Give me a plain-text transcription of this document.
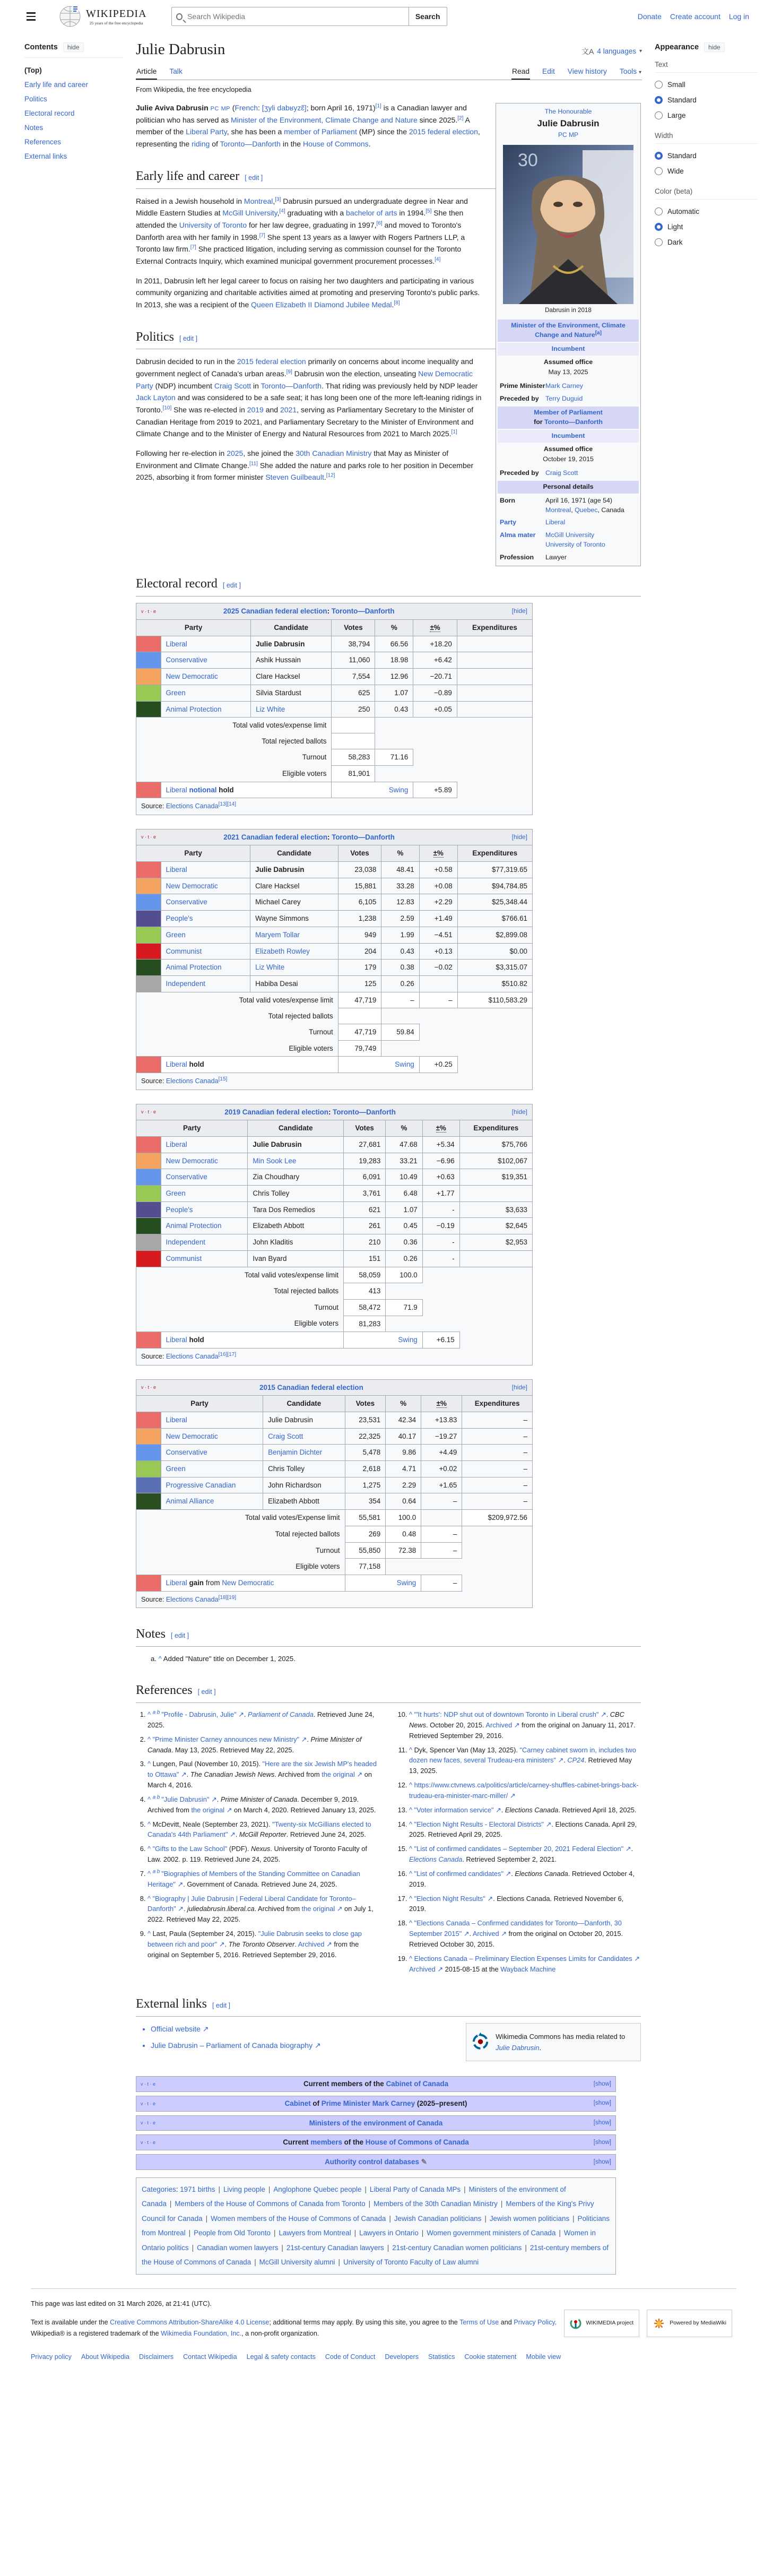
WIKIPEDIA
25 years of the free encyclopedia
Search Wikipedia
Search	Donate Create account Log in
Contents	hide
(Top)
Early life and career
Politics
Electoral record
Notes
References
External links
Julie Dabrusin	文A 4 languages ▾
Article Talk	Read Edit View history Tools ▾
From Wikipedia, the free encyclopedia
The Honourable
Julie Dabrusin
PC MP
30
Dabrusin in 2018
Minister of the Environment, Climate Change and Nature[a]
Incumbent
Assumed office
May 13, 2025
Prime Minister Mark Carney
Preceded by Terry Duguid
Member of Parliament
for Toronto—Danforth
Incumbent
Assumed office
October 19, 2015
Preceded by Craig Scott
Personal details
Born	April 16, 1971 (age 54)
Montreal, Quebec, Canada
Party	Liberal
Alma mater	McGill University
University of Toronto
Profession	Lawyer

Julie Aviva Dabrusin PC MP (French: [ʒyli dabʁyzɛ̃]; born April 16, 1971)[1] is a Canadian lawyer and politician who has served as Minister of the Environment, Climate Change and Nature since 2025.[2] A member of the Liberal Party, she has been a member of Parliament (MP) since the 2015 federal election, representing the riding of Toronto—Danforth in the House of Commons.

Early life and career [ edit ]

Raised in a Jewish household in Montreal,[3] Dabrusin pursued an undergraduate degree in Near and Middle Eastern Studies at McGill University,[4] graduating with a bachelor of arts in 1994.[5] She then attended the University of Toronto for her law degree, graduating in 1997,[6] and moved to Toronto's Danforth area with her family in 1998.[7] She spent 13 years as a lawyer with Rogers Partners LLP, a Toronto law firm.[7] She practiced litigation, including serving as commission counsel for the Toronto External Contracts Inquiry, which examined municipal government procurement processes.[4]

In 2011, Dabrusin left her legal career to focus on raising her two daughters and participating in various community organizing and charitable activities aimed at promoting and preserving Toronto's public parks. In 2013, she was a recipient of the Queen Elizabeth II Diamond Jubilee Medal.[8]

Politics [ edit ]

Dabrusin decided to run in the 2015 federal election primarily on concerns about income inequality and government neglect of Canada's urban areas.[9] Dabrusin won the election, unseating New Democratic Party (NDP) incumbent Craig Scott in Toronto—Danforth. That riding was previously held by NDP leader Jack Layton and was considered to be a safe seat; it has long been one of the more left-leaning ridings in Toronto.[10] She was re-elected in 2019 and 2021, serving as Parliamentary Secretary to the Minister of Canadian Heritage from 2019 to 2021, and Parliamentary Secretary to the Minister of Environment and Climate Change and to the Minister of Energy and Natural Resources from 2021 to March 2025.[1]

Following her re-election in 2025, she joined the 30th Canadian Ministry that May as Minister of Environment and Climate Change.[11] She added the nature and parks role to her position in December 2025, absorbing it from former minister Steven Guilbeault.[12]

Electoral record [ edit ]
v · t · e	2025 Canadian federal election: Toronto—Danforth					[hide]
Party		Candidate	Votes	%	±%	Expenditures
	Liberal	Julie Dabrusin	38,794	66.56	+18.20	
	Conservative	Ashik Hussain	11,060	18.98	+6.42	
	New Democratic	Clare Hacksel	7,554	12.96	−20.71	
	Green	Silvia Stardust	625	1.07	−0.89	
	Animal Protection	Liz White	250	0.43	+0.05	
Total valid votes/expense limit						
Total rejected ballots						
Turnout			58,283	71.16		
Eligible voters			81,901			
	Liberal notional hold		Swing		+5.89	
Source: Elections Canada[13][14]
v · t · e	2021 Canadian federal election: Toronto—Danforth					[hide]
Party		Candidate	Votes	%	±%	Expenditures
	Liberal	Julie Dabrusin	23,038	48.41	+0.58	$77,319.65
	New Democratic	Clare Hacksel	15,881	33.28	+0.08	$94,784.85
	Conservative	Michael Carey	6,105	12.83	+2.29	$25,348.44
	People's	Wayne Simmons	1,238	2.59	+1.49	$766.61
	Green	Maryem Tollar	949	1.99	−4.51	$2,899.08
	Communist	Elizabeth Rowley	204	0.43	+0.13	$0.00
	Animal Protection	Liz White	179	0.38	−0.02	$3,315.07
	Independent	Habiba Desai	125	0.26		$510.82
Total valid votes/expense limit			47,719	–	–	$110,583.29
Total rejected ballots						
Turnout			47,719	59.84		
Eligible voters			79,749			
	Liberal hold		Swing		+0.25	
Source: Elections Canada[15]
v · t · e	2019 Canadian federal election: Toronto—Danforth					[hide]
Party		Candidate	Votes	%	±%	Expenditures
	Liberal	Julie Dabrusin	27,681	47.68	+5.34	$75,766
	New Democratic	Min Sook Lee	19,283	33.21	−6.96	$102,067
	Conservative	Zia Choudhary	6,091	10.49	+0.63	$19,351
	Green	Chris Tolley	3,761	6.48	+1.77	
	People's	Tara Dos Remedios	621	1.07	-	$3,633
	Animal Protection	Elizabeth Abbott	261	0.45	−0.19	$2,645
	Independent	John Kladitis	210	0.36	-	$2,953
	Communist	Ivan Byard	151	0.26	-	
Total valid votes/expense limit			58,059	100.0		
Total rejected ballots			413			
Turnout			58,472	71.9		
Eligible voters			81,283			
	Liberal hold		Swing		+6.15	
Source: Elections Canada[16][17]
v · t · e	2015 Canadian federal election					[hide]
Party		Candidate	Votes	%	±%	Expenditures
	Liberal	Julie Dabrusin	23,531	42.34	+13.83	–
	New Democratic	Craig Scott	22,325	40.17	−19.27	–
	Conservative	Benjamin Dichter	5,478	9.86	+4.49	–
	Green	Chris Tolley	2,618	4.71	+0.02	–
	Progressive Canadian	John Richardson	1,275	2.29	+1.65	–
	Animal Alliance	Elizabeth Abbott	354	0.64	–	–
Total valid votes/Expense limit			55,581	100.0		$209,972.56
Total rejected ballots			269	0.48	–	
Turnout			55,850	72.38	–	
Eligible voters			77,158			
	Liberal gain from New Democratic		Swing		–	
Source: Elections Canada[18][19]
Notes [ edit ]
a. ^ Added "Nature" title on December 1, 2025.
References [ edit ]
1. ^ $^{a b}$ "Profile - Dabrusin, Julie" ↗. Parliament of Canada. Retrieved June 24, 2025.
2. ^ "Prime Minister Carney announces new Ministry" ↗. Prime Minister of Canada. May 13, 2025. Retrieved May 22, 2025.
3. ^ Lungen, Paul (November 10, 2015). "Here are the six Jewish MP's headed to Ottawa" ↗. The Canadian Jewish News. Archived from the original ↗ on March 4, 2016.
4. ^ $^{a b}$ "Julie Dabrusin" ↗. Prime Minister of Canada. December 9, 2019. Archived from the original ↗ on March 4, 2020. Retrieved January 13, 2025.
5. ^ McDevitt, Neale (September 23, 2021). "Twenty-six McGillians elected to Canada's 44th Parliament" ↗. McGill Reporter. Retrieved June 24, 2025.
6. ^ "Gifts to the Law School" (PDF). Nexus. University of Toronto Faculty of Law. 2002. p. 119. Retrieved June 24, 2025.
7. ^ $^{a b}$ "Biographies of Members of the Standing Committee on Canadian Heritage" ↗. Government of Canada. Retrieved June 24, 2025.
8. ^ "Biography | Julie Dabrusin | Federal Liberal Candidate for Toronto–Danforth" ↗. juliedabrusin.liberal.ca. Archived from the original ↗ on July 1, 2022. Retrieved May 22, 2025.
9. ^ Last, Paula (September 24, 2015). "Julie Dabrusin seeks to close gap between rich and poor" ↗. The Toronto Observer. Archived ↗ from the original on September 5, 2016. Retrieved September 29, 2016.
10. ^ "'It hurts': NDP shut out of downtown Toronto in Liberal crush" ↗. CBC News. October 20, 2015. Archived ↗ from the original on January 11, 2017. Retrieved September 29, 2016.
11. ^ Dyk, Spencer Van (May 13, 2025). "Carney cabinet sworn in, includes two dozen new faces, several Trudeau-era ministers" ↗. CP24. Retrieved May 13, 2025.
12. ^ https://www.ctvnews.ca/politics/article/carney-shuffles-cabinet-brings-back-trudeau-era-minister-marc-miller/ ↗
13. ^ "Voter information service" ↗. Elections Canada. Retrieved April 18, 2025.
14. ^ "Election Night Results - Electoral Districts" ↗. Elections Canada. April 29, 2025. Retrieved April 29, 2025.
15. ^ "List of confirmed candidates – September 20, 2021 Federal Election" ↗. Elections Canada. Retrieved September 2, 2021.
16. ^ "List of confirmed candidates" ↗. Elections Canada. Retrieved October 4, 2019.
17. ^ "Election Night Results" ↗. Elections Canada. Retrieved November 6, 2019.
18. ^ "Elections Canada – Confirmed candidates for Toronto—Danforth, 30 September 2015" ↗. Archived ↗ from the original on October 20, 2015. Retrieved October 30, 2015.
19. ^ Elections Canada – Preliminary Election Expenses Limits for Candidates ↗ Archived ↗ 2015-08-15 at the Wayback Machine
External links [ edit ]
Wikimedia Commons has media related to Julie Dabrusin.
• Official website ↗
• Julie Dabrusin – Parliament of Canada biography ↗
v · t · e	Current members of the Cabinet of Canada	[show]
v · t · e	Cabinet of Prime Minister Mark Carney (2025–present)	[show]
v · t · e	Ministers of the environment of Canada	[show]
v · t · e	Current members of the House of Commons of Canada	[show]
Authority control databases ✎	[show]
Categories: 1971 births | Living people | Anglophone Quebec people | Liberal Party of Canada MPs | Ministers of the environment of Canada | Members of the House of Commons of Canada from Toronto | Members of the 30th Canadian Ministry | Members of the King's Privy Council for Canada | Women members of the House of Commons of Canada | Jewish Canadian politicians | Jewish women politicians | Politicians from Montreal | People from Old Toronto | Lawyers from Montreal | Lawyers in Ontario | Women government ministers of Canada | Women in Ontario politics | Canadian women lawyers | 21st-century Canadian lawyers | 21st-century Canadian women politicians | 21st-century members of the House of Commons of Canada | McGill University alumni | University of Toronto Faculty of Law alumni
Appearance	hide
Text
Small
Standard
Large
Width
Standard
Wide
Color (beta)
Automatic
Light
Dark
This page was last edited on 31 March 2026, at 21:41 (UTC).
WIKIMEDIA project	Powered by MediaWiki
Text is available under the Creative Commons Attribution-ShareAlike 4.0 License; additional terms may apply. By using this site, you agree to the Terms of Use and Privacy Policy. Wikipedia® is a registered trademark of the Wikimedia Foundation, Inc., a non-profit organization.
Privacy policy About Wikipedia Disclaimers Contact Wikipedia Legal & safety contacts Code of Conduct Developers Statistics Cookie statement Mobile view
